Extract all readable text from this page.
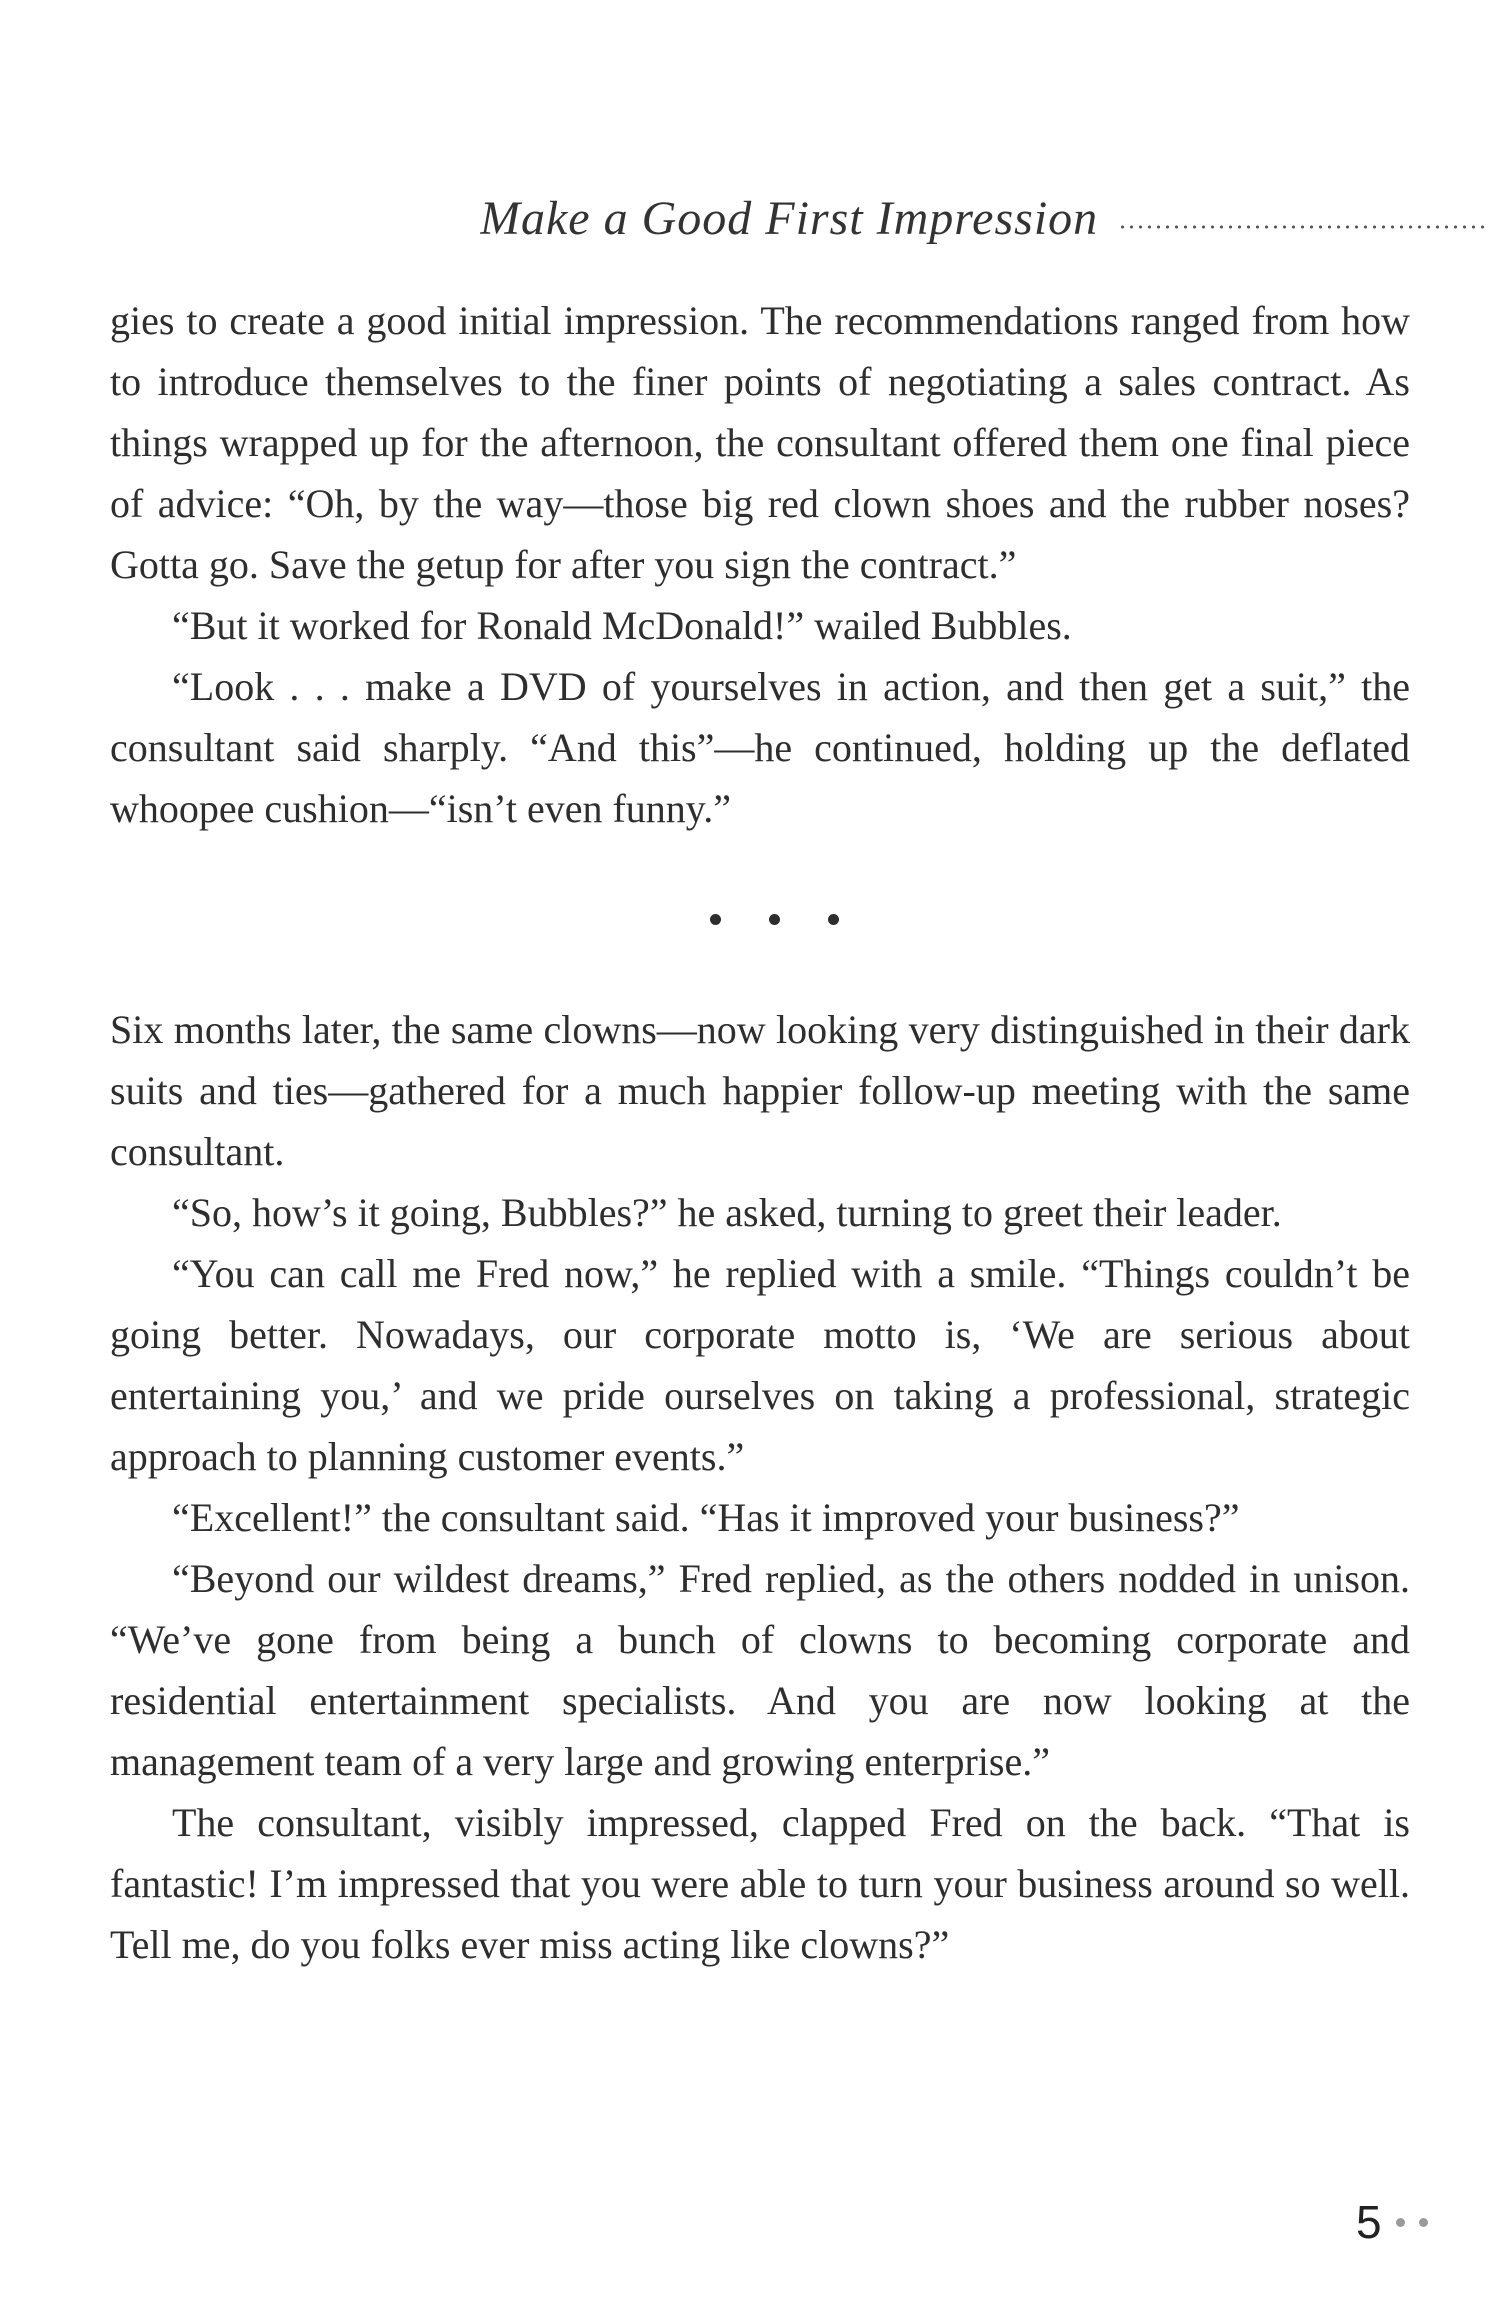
Make a Good First Impression

gies to create a good initial impression. The recommendations ranged from how to introduce themselves to the finer points of negotiating a sales contract. As things wrapped up for the afternoon, the consultant offered them one final piece of advice: “Oh, by the way—those big red clown shoes and the rubber noses? Gotta go. Save the getup for after you sign the contract.”

“But it worked for Ronald McDonald!” wailed Bubbles.

“Look . . . make a DVD of yourselves in action, and then get a suit,” the consultant said sharply. “And this”—he continued, holding up the deflated whoopee cushion—“isn’t even funny.”

Six months later, the same clowns—now looking very distinguished in their dark suits and ties—gathered for a much happier follow-up meeting with the same consultant.

“So, how’s it going, Bubbles?” he asked, turning to greet their leader.

“You can call me Fred now,” he replied with a smile. “Things couldn’t be going better. Nowadays, our corporate motto is, ‘We are serious about entertaining you,’ and we pride ourselves on taking a professional, strategic approach to planning customer events.”

“Excellent!” the consultant said. “Has it improved your business?”

“Beyond our wildest dreams,” Fred replied, as the others nodded in unison. “We’ve gone from being a bunch of clowns to becoming corporate and residential entertainment specialists. And you are now looking at the management team of a very large and growing enterprise.”

The consultant, visibly impressed, clapped Fred on the back. “That is fantastic! I’m impressed that you were able to turn your business around so well. Tell me, do you folks ever miss acting like clowns?”

5
